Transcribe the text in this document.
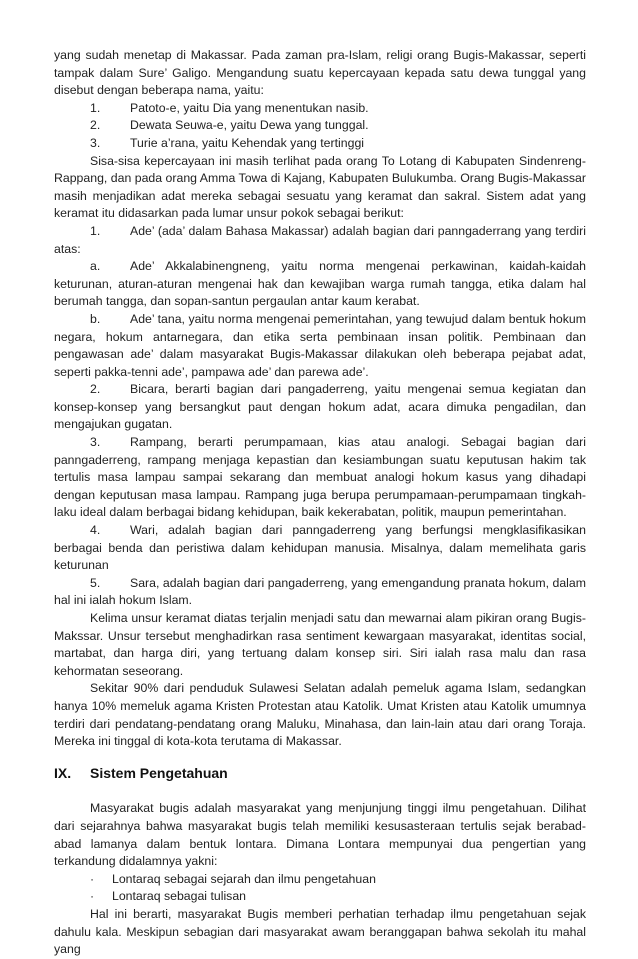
yang sudah menetap di Makassar. Pada zaman pra-Islam, religi orang Bugis-Makassar, seperti tampak dalam Sure’ Galigo. Mengandung suatu kepercayaan kepada satu dewa tunggal yang disebut dengan beberapa nama, yaitu:

1.	Patoto-e, yaitu Dia yang menentukan nasib.
2.	Dewata Seuwa-e, yaitu Dewa yang tunggal.
3.	Turie a’rana, yaitu Kehendak yang tertinggi

Sisa-sisa kepercayaan ini masih terlihat pada orang To Lotang di Kabupaten Sindenreng-Rappang, dan pada orang Amma Towa di Kajang, Kabupaten Bulukumba. Orang Bugis-Makassar masih menjadikan adat mereka sebagai sesuatu yang keramat dan sakral. Sistem adat yang keramat itu didasarkan pada lumar unsur pokok sebagai berikut:

1. Ade’ (ada’ dalam Bahasa Makassar) adalah bagian dari panngaderrang yang terdiri atas:

a. Ade’ Akkalabinengneng, yaitu norma mengenai perkawinan, kaidah-kaidah keturunan, aturan-aturan mengenai hak dan kewajiban warga rumah tangga, etika dalam hal berumah tangga, dan sopan-santun pergaulan antar kaum kerabat.

b. Ade’ tana, yaitu norma mengenai pemerintahan, yang tewujud dalam bentuk hokum negara, hokum antarnegara, dan etika serta pembinaan insan politik. Pembinaan dan pengawasan ade’ dalam masyarakat Bugis-Makassar dilakukan oleh beberapa pejabat adat, seperti pakka-tenni ade’, pampawa ade’ dan parewa ade’.

2. Bicara, berarti bagian dari pangaderreng, yaitu mengenai semua kegiatan dan konsep-konsep yang bersangkut paut dengan hokum adat, acara dimuka pengadilan, dan mengajukan gugatan.

3. Rampang, berarti perumpamaan, kias atau analogi. Sebagai bagian dari panngaderreng, rampang menjaga kepastian dan kesiambungan suatu keputusan hakim tak tertulis masa lampau sampai sekarang dan membuat analogi hokum kasus yang dihadapi dengan keputusan masa lampau. Rampang juga berupa perumpamaan-perumpamaan tingkah-laku ideal dalam berbagai bidang kehidupan, baik kekerabatan, politik, maupun pemerintahan.

4. Wari, adalah bagian dari panngaderreng yang berfungsi mengklasifikasikan berbagai benda dan peristiwa dalam kehidupan manusia. Misalnya, dalam memelihata garis keturunan

5. Sara, adalah bagian dari pangaderreng, yang emengandung pranata hokum, dalam hal ini ialah hokum Islam.

Kelima unsur keramat diatas terjalin menjadi satu dan mewarnai alam pikiran orang Bugis-Makssar. Unsur tersebut menghadirkan rasa sentiment kewargaan masyarakat, identitas social, martabat, dan harga diri, yang tertuang dalam konsep siri. Siri ialah rasa malu dan rasa kehormatan seseorang.

Sekitar 90% dari penduduk Sulawesi Selatan adalah pemeluk agama Islam, sedangkan hanya 10% memeluk agama Kristen Protestan atau Katolik. Umat Kristen atau Katolik umumnya terdiri dari pendatang-pendatang orang Maluku, Minahasa, dan lain-lain atau dari orang Toraja. Mereka ini tinggal di kota-kota terutama di Makassar.

IX.	Sistem Pengetahuan

Masyarakat bugis adalah masyarakat yang menjunjung tinggi ilmu pengetahuan. Dilihat dari sejarahnya bahwa masyarakat bugis telah memiliki kesusasteraan tertulis sejak berabad-abad lamanya dalam bentuk lontara. Dimana Lontara mempunyai dua pengertian yang terkandung didalamnya yakni:

·	Lontaraq sebagai sejarah dan ilmu pengetahuan
·	Lontaraq sebagai tulisan

Hal ini berarti, masyarakat Bugis memberi perhatian terhadap ilmu pengetahuan sejak dahulu kala. Meskipun sebagian dari masyarakat awam beranggapan bahwa sekolah itu mahal yang
